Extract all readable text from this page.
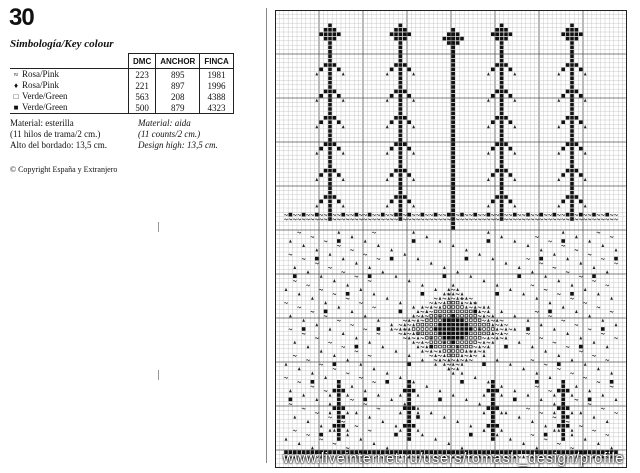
30
Simbología/Key colour
	DMC	ANCHOR	FINCA
≈ Rosa/Pink	223	895	1981
♦ Rosa/Pink	221	897	1996
□ Verde/Green	563	208	4388
■ Verde/Green	500	879	4323
Material: esterilla
(11 hilos de trama/2 cm.)
Alto del bordado: 13,5 cm.
Material: aida
(11 counts/2 cm.)
Design high: 13,5 cm.
© Copyright España y Extranjero
www.liveinternet.ru/users/tomash_design/profile
